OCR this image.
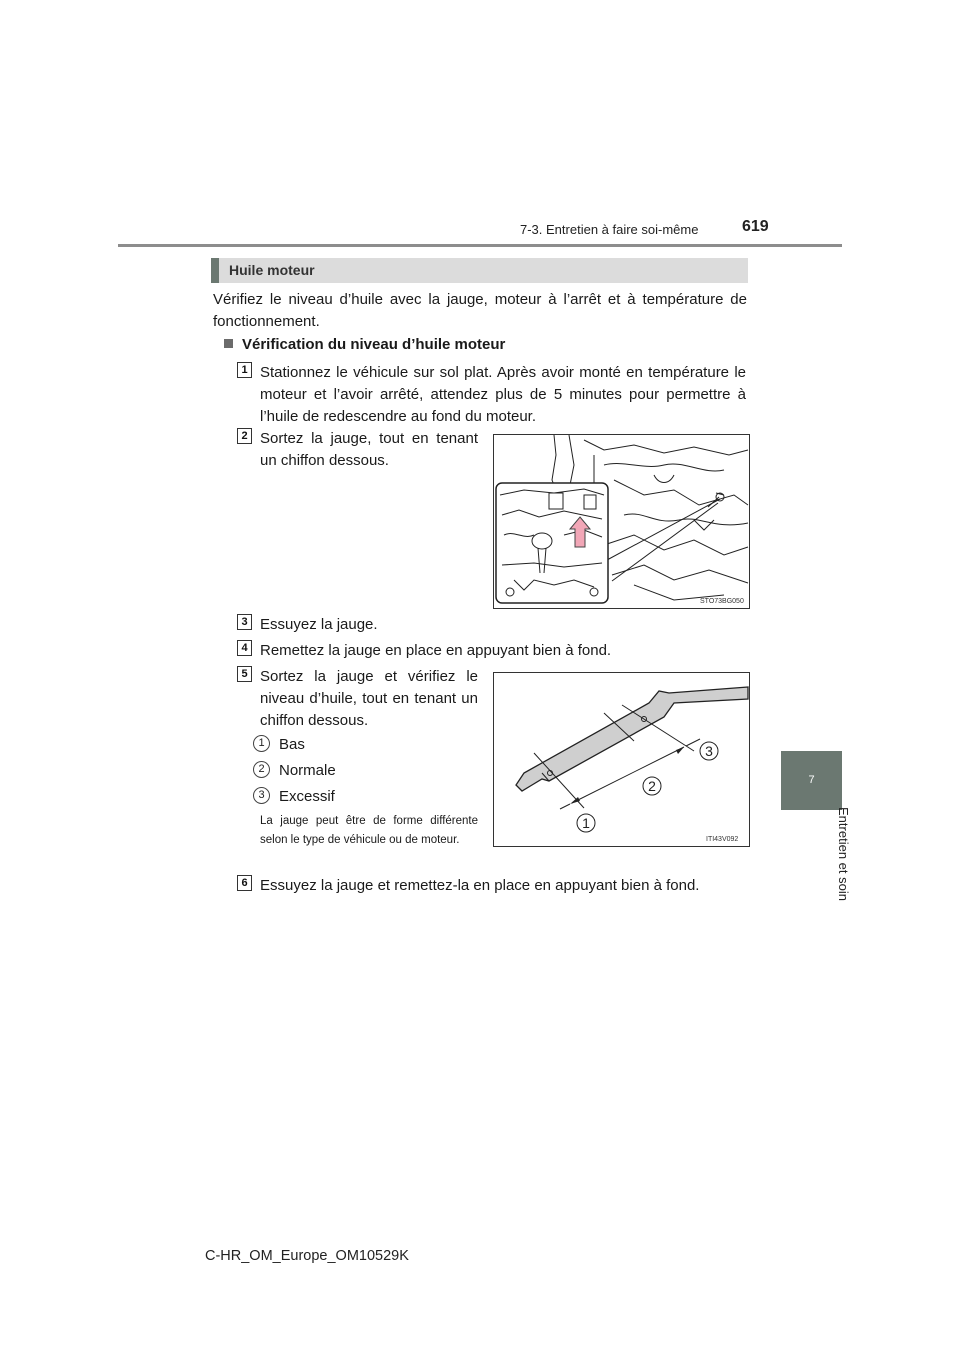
7-3. Entretien à faire soi-même	619
7
Entretien et soin
Huile moteur
Vérifiez le niveau d’huile avec la jauge, moteur à l’arrêt et à température de fonctionnement.
Vérification du niveau d’huile moteur
1 Stationnez le véhicule sur sol plat. Après avoir monté en température le moteur et l’avoir arrêté, attendez plus de 5 minutes pour permettre à l’huile de redescendre au fond du moteur.
2 Sortez la jauge, tout en tenant un chiffon dessous.
STO73BG050
3 Essuyez la jauge.
4 Remettez la jauge en place en appuyant bien à fond.
5 Sortez la jauge et vérifiez le niveau d’huile, tout en tenant un chiffon dessous.
1 Bas
2 Normale
3 Excessif
La jauge peut être de forme différente selon le type de véhicule ou de moteur.
1
2
3
ITI43V092
6 Essuyez la jauge et remettez-la en place en appuyant bien à fond.
C-HR_OM_Europe_OM10529K
